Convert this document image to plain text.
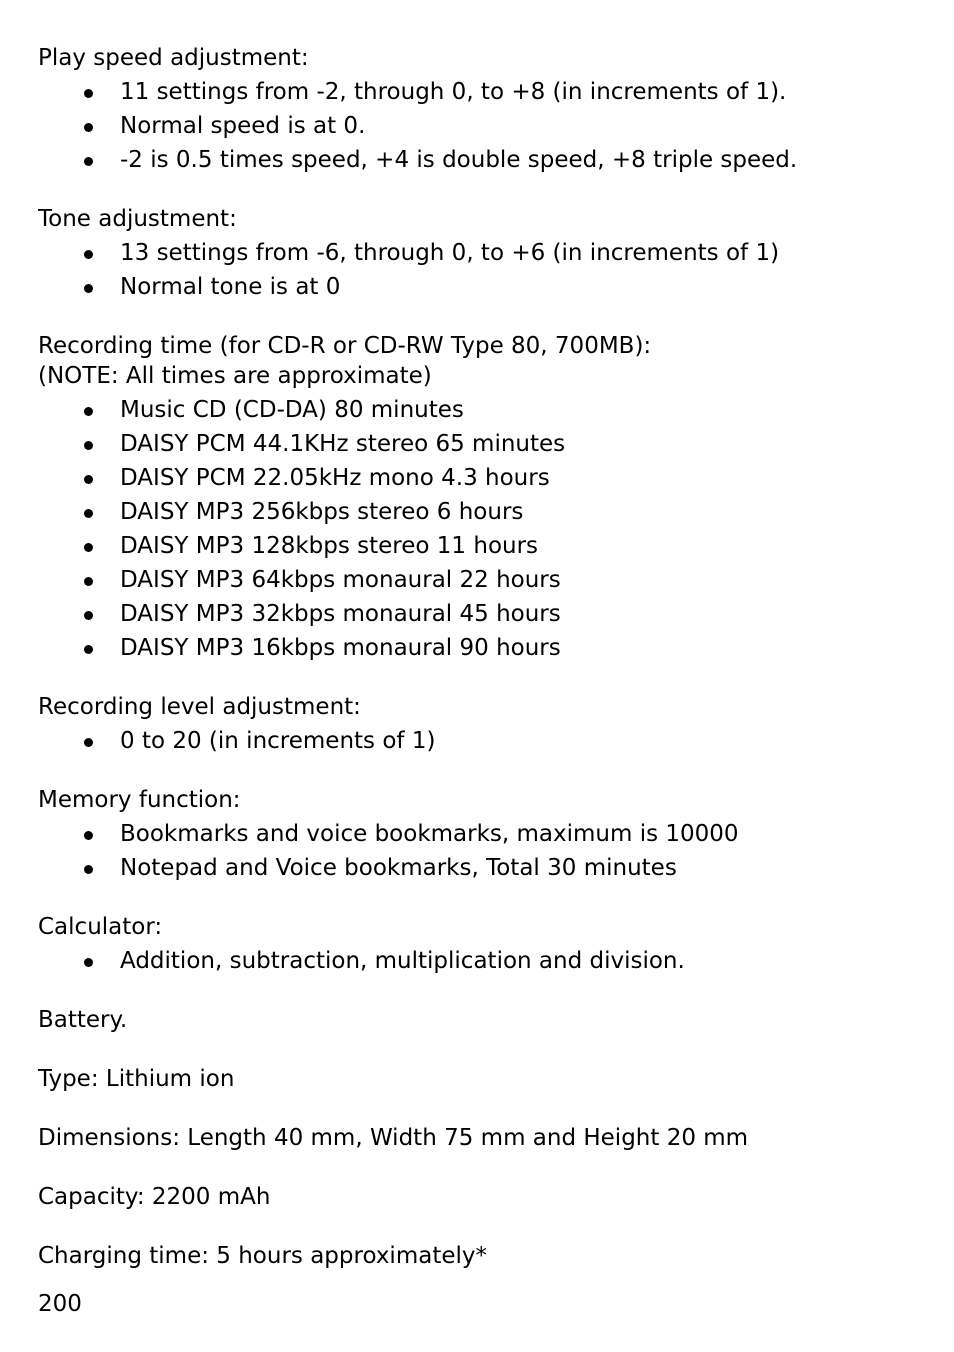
Play speed adjustment:

11 settings from -2, through 0, to +8 (in increments of 1).
Normal speed is at 0.
-2 is 0.5 times speed, +4 is double speed, +8 triple speed.

Tone adjustment:

13 settings from -6, through 0, to +6 (in increments of 1)
Normal tone is at 0

Recording time (for CD-R or CD-RW Type 80, 700MB):

(NOTE: All times are approximate)

Music CD (CD-DA) 80 minutes
DAISY PCM 44.1KHz stereo 65 minutes
DAISY PCM 22.05kHz mono 4.3 hours
DAISY MP3 256kbps stereo 6 hours
DAISY MP3 128kbps stereo 11 hours
DAISY MP3 64kbps monaural 22 hours
DAISY MP3 32kbps monaural 45 hours
DAISY MP3 16kbps monaural 90 hours

Recording level adjustment:

0 to 20 (in increments of 1)

Memory function:

Bookmarks and voice bookmarks, maximum is 10000
Notepad and Voice bookmarks, Total 30 minutes

Calculator:

Addition, subtraction, multiplication and division.

Battery.

Type: Lithium ion

Dimensions: Length 40 mm, Width 75 mm and Height 20 mm

Capacity: 2200 mAh

Charging time: 5 hours approximately*

200
